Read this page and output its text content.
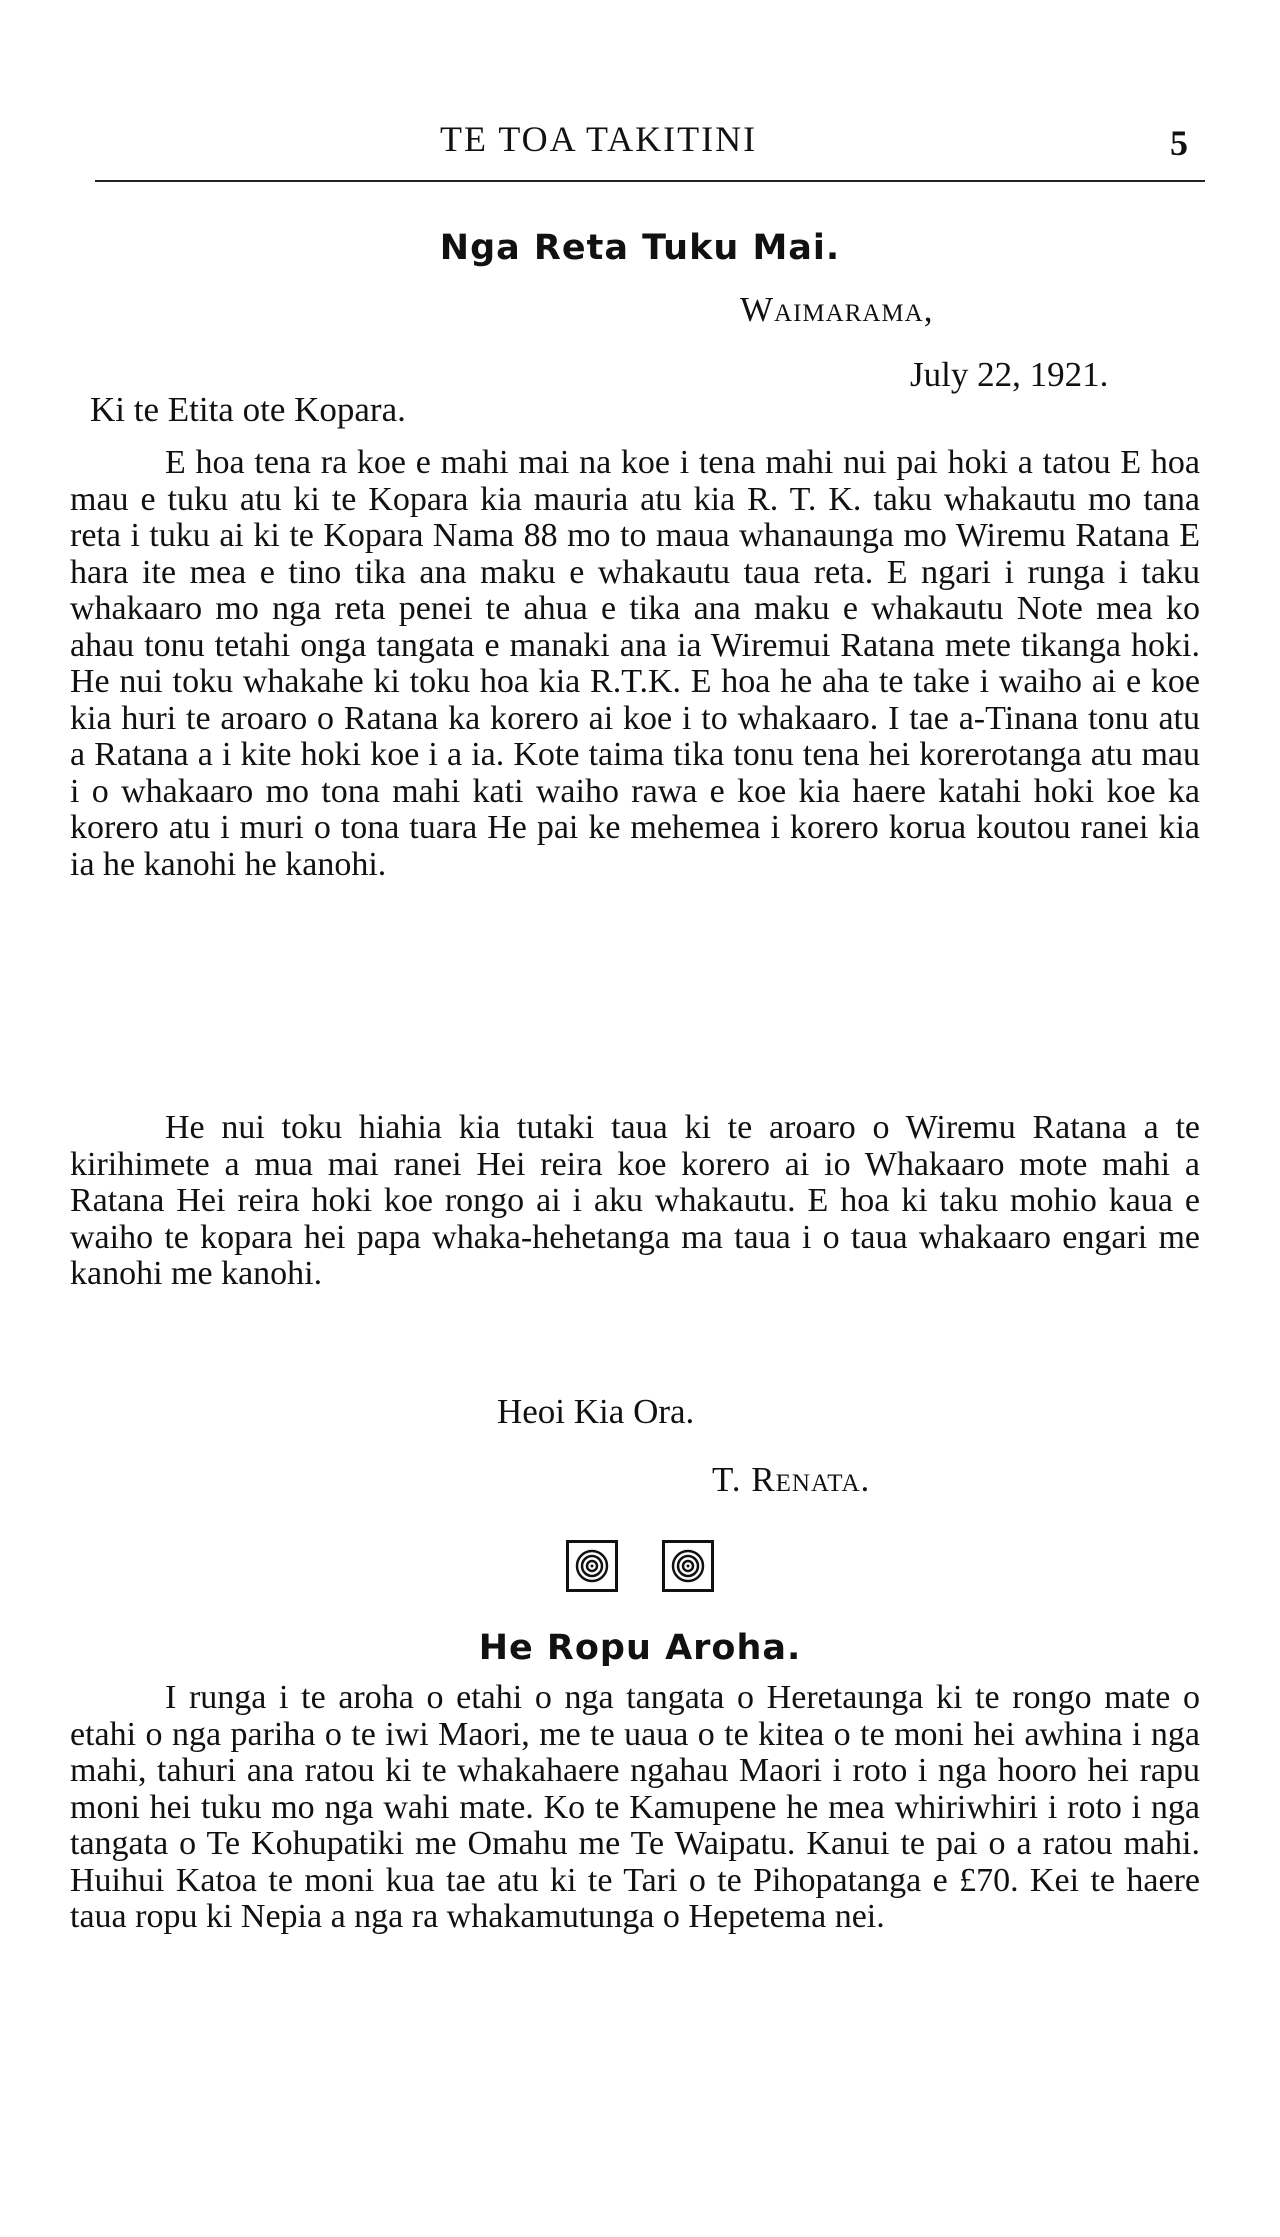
TE TOA TAKITINI	5
Nga Reta Tuku Mai.
Waimarama,
July 22, 1921.
Ki te Etita ote Kopara.

E hoa tena ra koe e mahi mai na koe i tena mahi nui pai hoki a tatou E hoa mau e tuku atu ki te Kopara kia mauria atu kia R. T. K. taku whakautu mo tana reta i tuku ai ki te Kopara Nama 88 mo to maua whanaunga mo Wiremu Ratana E hara ite mea e tino tika ana maku e whakautu taua reta. E ngari i runga i taku whakaaro mo nga reta penei te ahua e tika ana maku e whakautu Note mea ko ahau tonu tetahi onga tangata e manaki ana ia Wiremui Ratana mete tikanga hoki. He nui toku whakahe ki toku hoa kia R.T.K. E hoa he aha te take i waiho ai e koe kia huri te aroaro o Ratana ka korero ai koe i to whakaaro. I tae a-Tinana tonu atu a Ratana a i kite hoki koe i a ia. Kote taima tika tonu tena hei korerotanga atu mau i o whakaaro mo tona mahi kati waiho rawa e koe kia haere katahi hoki koe ka korero atu i muri o tona tuara He pai ke mehemea i korero korua koutou ranei kia ia he kanohi he kanohi.

He nui toku hiahia kia tutaki taua ki te aroaro o Wiremu Ratana a te kirihimete a mua mai ranei Hei reira koe korero ai io Whakaaro mote mahi a Ratana Hei reira hoki koe rongo ai i aku whakautu. E hoa ki taku mohio kaua e waiho te kopara hei papa whaka-hehetanga ma taua i o taua whakaaro engari me kanohi me kanohi.

Heoi Kia Ora.
T. Renata.
He Ropu Aroha.

I runga i te aroha o etahi o nga tangata o Heretaunga ki te rongo mate o etahi o nga pariha o te iwi Maori, me te uaua o te kitea o te moni hei awhina i nga mahi, tahuri ana ratou ki te whakahaere ngahau Maori i roto i nga hooro hei rapu moni hei tuku mo nga wahi mate. Ko te Kamupene he mea whiriwhiri i roto i nga tangata o Te Kohupatiki me Omahu me Te Waipatu. Kanui te pai o a ratou mahi. Huihui Katoa te moni kua tae atu ki te Tari o te Pihopatanga e £70. Kei te haere taua ropu ki Nepia a nga ra whakamutunga o Hepetema nei.
